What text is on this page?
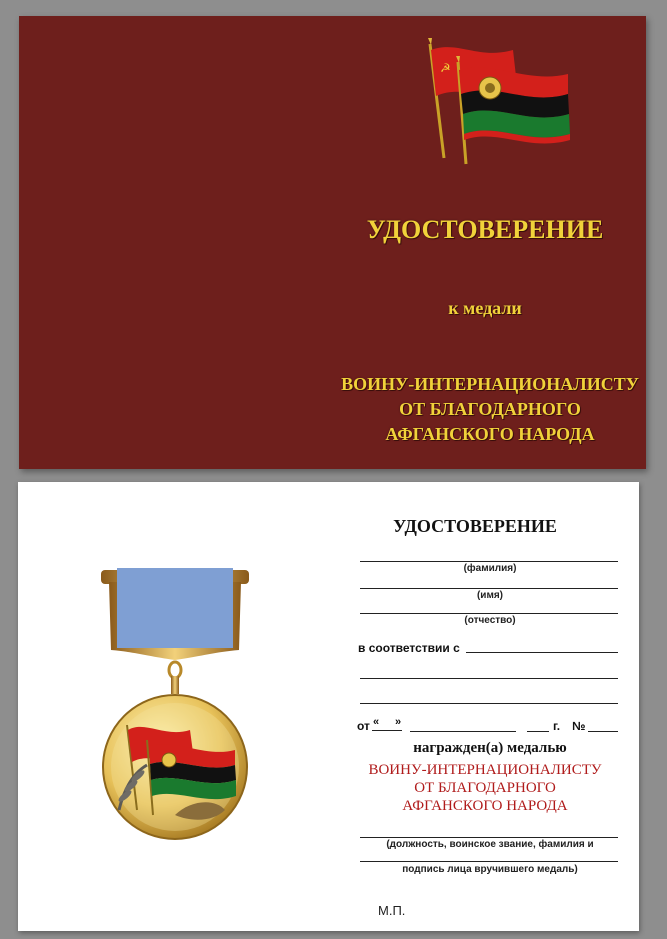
☭
УДОСТОВЕРЕНИЕ
к медали
ВОИНУ-ИНТЕРНАЦИОНАЛИСТУ
ОТ БЛАГОДАРНОГО
АФГАНСКОГО НАРОДА
УДОСТОВЕРЕНИЕ
(фамилия)
(имя)
(отчество)
в соответствии с
от « »	г. №
награжден(а) медалью
ВОИНУ-ИНТЕРНАЦИОНАЛИСТУ
ОТ БЛАГОДАРНОГО
АФГАНСКОГО НАРОДА
(должность, воинское звание, фамилия и
подпись лица вручившего медаль)
М.П.
